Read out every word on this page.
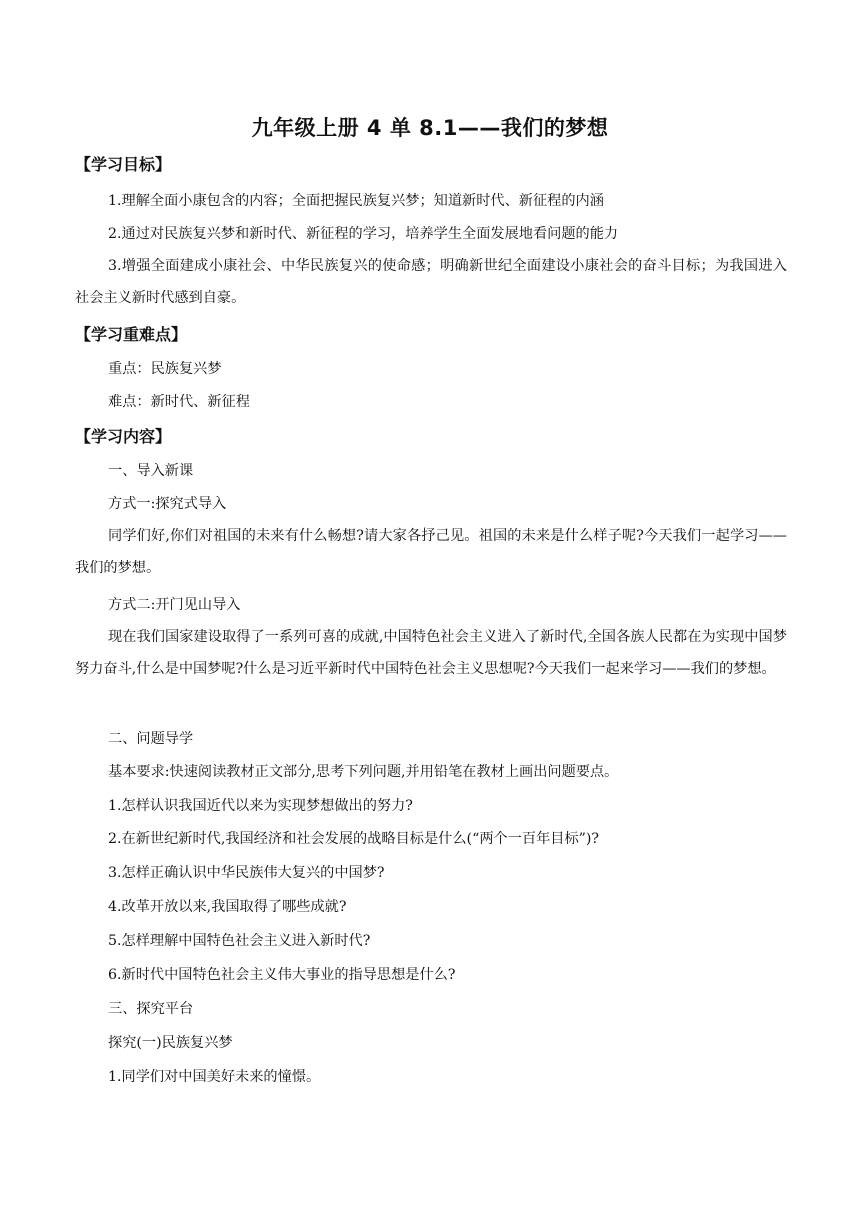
九年级上册 4 单 8.1——我们的梦想
【学习目标】
1.理解全面小康包含的内容；全面把握民族复兴梦；知道新时代、新征程的内涵
2.通过对民族复兴梦和新时代、新征程的学习，培养学生全面发展地看问题的能力
3.增强全面建成小康社会、中华民族复兴的使命感；明确新世纪全面建设小康社会的奋斗目标；为我国进入社会主义新时代感到自豪。
【学习重难点】
重点：民族复兴梦
难点：新时代、新征程
【学习内容】
一、导入新课
方式一:探究式导入
同学们好,你们对祖国的未来有什么畅想?请大家各抒己见。祖国的未来是什么样子呢?今天我们一起学习——我们的梦想。
方式二:开门见山导入
现在我们国家建设取得了一系列可喜的成就,中国特色社会主义进入了新时代,全国各族人民都在为实现中国梦努力奋斗,什么是中国梦呢?什么是习近平新时代中国特色社会主义思想呢?今天我们一起来学习——我们的梦想。
二、问题导学
基本要求:快速阅读教材正文部分,思考下列问题,并用铅笔在教材上画出问题要点。
1.怎样认识我国近代以来为实现梦想做出的努力?
2.在新世纪新时代,我国经济和社会发展的战略目标是什么(“两个一百年目标”)?
3.怎样正确认识中华民族伟大复兴的中国梦?
4.改革开放以来,我国取得了哪些成就?
5.怎样理解中国特色社会主义进入新时代?
6.新时代中国特色社会主义伟大事业的指导思想是什么?
三、探究平台
探究(一)民族复兴梦
1.同学们对中国美好未来的憧憬。
